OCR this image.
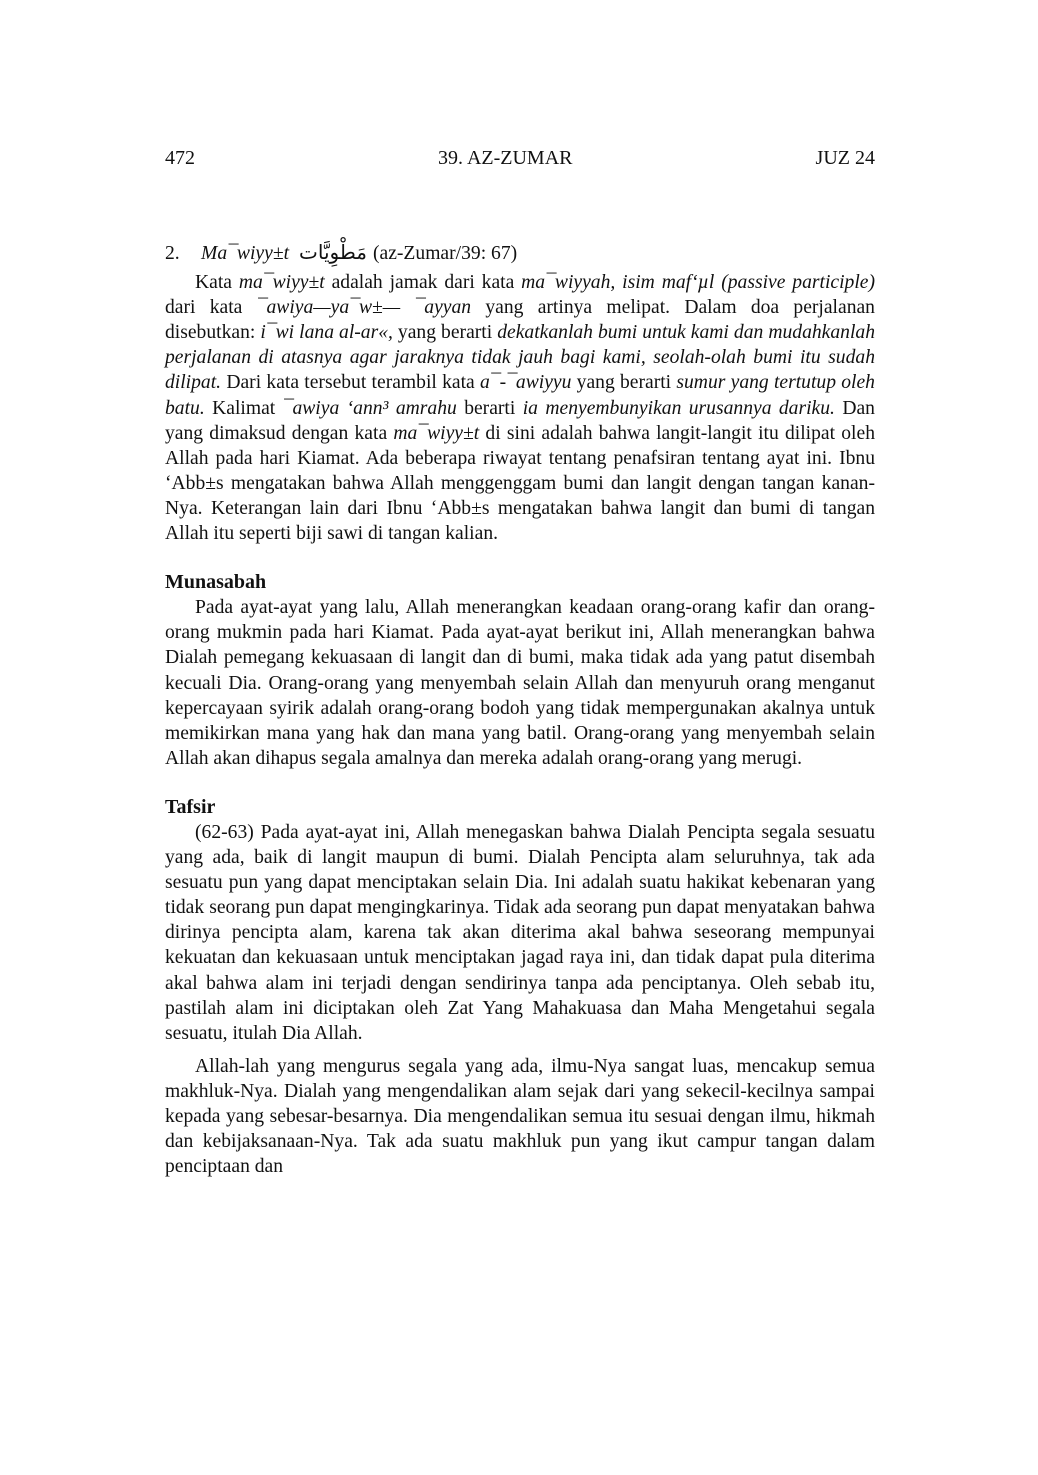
472	39. AZ-ZUMAR	JUZ 24
2. Ma¯wiyy±t مَطْوِيَّات (az-Zumar/39: 67)

Kata ma¯wiyy±t adalah jamak dari kata ma¯wiyyah, isim maf‘µl (passive participle) dari kata ¯awiya—ya¯w±— ¯ayyan yang artinya melipat. Dalam doa perjalanan disebutkan: i¯wi lana al-ar«, yang berarti dekatkanlah bumi untuk kami dan mudahkanlah perjalanan di atasnya agar jaraknya tidak jauh bagi kami, seolah-olah bumi itu sudah dilipat. Dari kata tersebut terambil kata a¯-¯awiyyu yang berarti sumur yang tertutup oleh batu. Kalimat ¯awiya ‘ann³ amrahu berarti ia menyembunyikan urusannya dariku. Dan yang dimaksud dengan kata ma¯wiyy±t di sini adalah bahwa langit-langit itu dilipat oleh Allah pada hari Kiamat. Ada beberapa riwayat tentang penafsiran tentang ayat ini. Ibnu ‘Abb±s mengatakan bahwa Allah menggenggam bumi dan langit dengan tangan kanan-Nya. Keterangan lain dari Ibnu ‘Abb±s mengatakan bahwa langit dan bumi di tangan Allah itu seperti biji sawi di tangan kalian.

Munasabah

Pada ayat-ayat yang lalu, Allah menerangkan keadaan orang-orang kafir dan orang-orang mukmin pada hari Kiamat. Pada ayat-ayat berikut ini, Allah menerangkan bahwa Dialah pemegang kekuasaan di langit dan di bumi, maka tidak ada yang patut disembah kecuali Dia. Orang-orang yang menyembah selain Allah dan menyuruh orang menganut kepercayaan syirik adalah orang-orang bodoh yang tidak mempergunakan akalnya untuk memikirkan mana yang hak dan mana yang batil. Orang-orang yang menyembah selain Allah akan dihapus segala amalnya dan mereka adalah orang-orang yang merugi.

Tafsir

(62-63) Pada ayat-ayat ini, Allah menegaskan bahwa Dialah Pencipta segala sesuatu yang ada, baik di langit maupun di bumi. Dialah Pencipta alam seluruhnya, tak ada sesuatu pun yang dapat menciptakan selain Dia. Ini adalah suatu hakikat kebenaran yang tidak seorang pun dapat mengingkarinya. Tidak ada seorang pun dapat menyatakan bahwa dirinya pencipta alam, karena tak akan diterima akal bahwa seseorang mempunyai kekuatan dan kekuasaan untuk menciptakan jagad raya ini, dan tidak dapat pula diterima akal bahwa alam ini terjadi dengan sendirinya tanpa ada penciptanya. Oleh sebab itu, pastilah alam ini diciptakan oleh Zat Yang Mahakuasa dan Maha Mengetahui segala sesuatu, itulah Dia Allah.

Allah-lah yang mengurus segala yang ada, ilmu-Nya sangat luas, mencakup semua makhluk-Nya. Dialah yang mengendalikan alam sejak dari yang sekecil-kecilnya sampai kepada yang sebesar-besarnya. Dia mengendalikan semua itu sesuai dengan ilmu, hikmah dan kebijaksanaan-Nya. Tak ada suatu makhluk pun yang ikut campur tangan dalam penciptaan dan
